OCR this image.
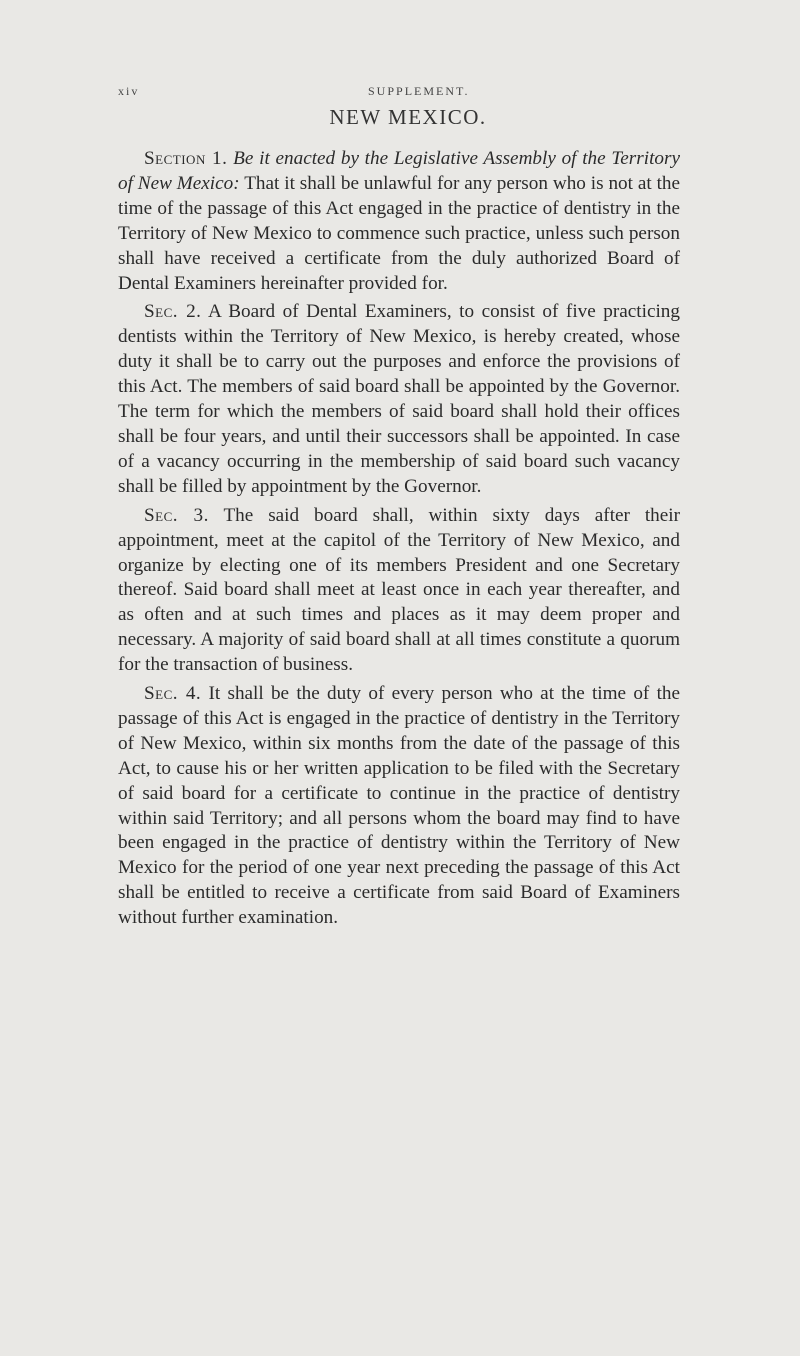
xiv	SUPPLEMENT.
NEW MEXICO.

Section 1. Be it enacted by the Legislative Assembly of the Territory of New Mexico: That it shall be unlawful for any person who is not at the time of the passage of this Act engaged in the practice of dentistry in the Territory of New Mexico to commence such practice, unless such person shall have received a certificate from the duly authorized Board of Dental Examiners hereinafter provided for.

Sec. 2. A Board of Dental Examiners, to consist of five practicing dentists within the Territory of New Mexico, is hereby created, whose duty it shall be to carry out the purposes and enforce the provisions of this Act. The members of said board shall be appointed by the Governor. The term for which the members of said board shall hold their offices shall be four years, and until their successors shall be appointed. In case of a vacancy occurring in the membership of said board such vacancy shall be filled by appointment by the Governor.

Sec. 3. The said board shall, within sixty days after their appointment, meet at the capitol of the Territory of New Mexico, and organize by electing one of its members President and one Secretary thereof. Said board shall meet at least once in each year thereafter, and as often and at such times and places as it may deem proper and necessary. A majority of said board shall at all times constitute a quorum for the transaction of business.

Sec. 4. It shall be the duty of every person who at the time of the passage of this Act is engaged in the practice of dentistry in the Territory of New Mexico, within six months from the date of the passage of this Act, to cause his or her written application to be filed with the Secretary of said board for a certificate to continue in the practice of dentistry within said Territory; and all persons whom the board may find to have been engaged in the practice of dentistry within the Territory of New Mexico for the period of one year next preceding the passage of this Act shall be entitled to receive a certificate from said Board of Examiners without further examination.
